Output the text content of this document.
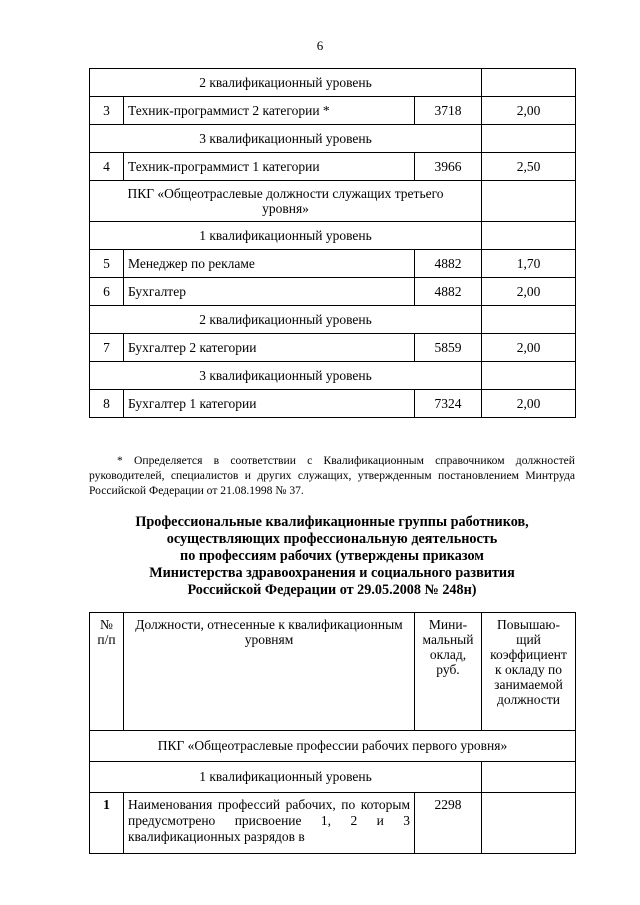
6
2 квалификационный уровень			
3	Техник-программист 2 категории *	3718	2,00
3 квалификационный уровень			
4	Техник-программист 1 категории	3966	2,50
ПКГ «Общеотраслевые должности служащих третьего уровня»			
1 квалификационный уровень			
5	Менеджер по рекламе	4882	1,70
6	Бухгалтер	4882	2,00
2 квалификационный уровень			
7	Бухгалтер 2 категории	5859	2,00
3 квалификационный уровень			
8	Бухгалтер 1 категории	7324	2,00
* Определяется в соответствии с Квалификационным справочником должностей руководителей, специалистов и других служащих, утвержденным постановлением Минтруда Российской Федерации от 21.08.1998 № 37.
Профессиональные квалификационные группы работников,
осуществляющих профессиональную деятельность
по профессиям рабочих (утверждены приказом
Министерства здравоохранения и социального развития
Российской Федерации от 29.05.2008 № 248н)
№ п/п	Должности, отнесенные к квалификационным уровням	Мини-мальный оклад, руб.	Повышаю-щий коэффициент к окладу по занимаемой должности
ПКГ «Общеотраслевые профессии рабочих первого уровня»			
1 квалификационный уровень			
1	Наименования профессий рабочих, по которым предусмотрено присвоение 1, 2 и 3 квалификационных разрядов в	2298	
